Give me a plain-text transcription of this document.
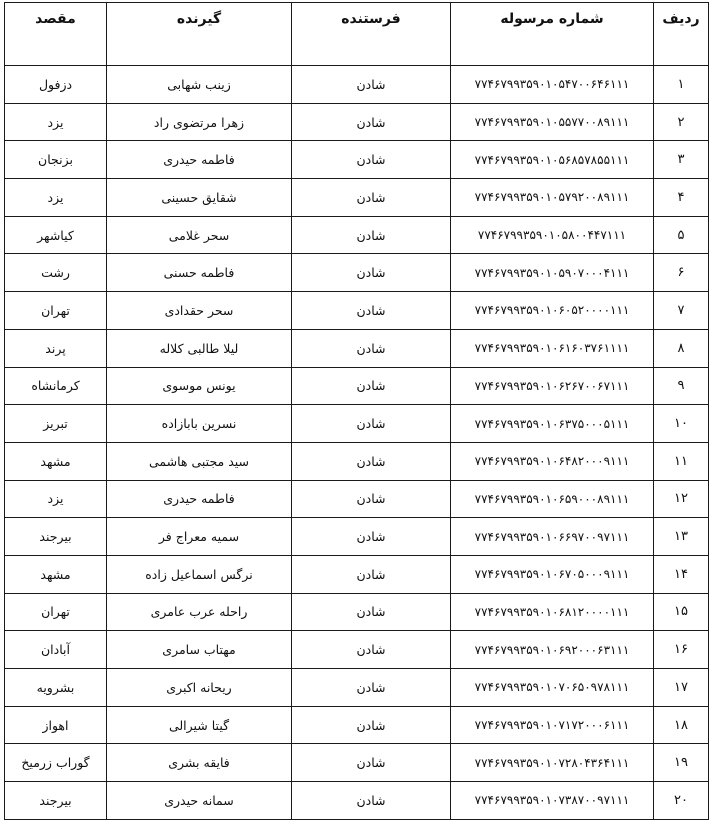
ردیف	شماره مرسوله	فرستنده	گیرنده	مقصد
۱	۷۷۴۶۷۹۹۳۵۹۰۱۰۵۴۷۰۰۶۴۶۱۱۱	شادن	زینب شهابی	دزفول
۲	۷۷۴۶۷۹۹۳۵۹۰۱۰۵۵۷۷۰۰۸۹۱۱۱	شادن	زهرا مرتضوی راد	یزد
۳	۷۷۴۶۷۹۹۳۵۹۰۱۰۵۶۸۵۷۸۵۵۱۱۱	شادن	فاطمه حیدری	بزنجان
۴	۷۷۴۶۷۹۹۳۵۹۰۱۰۵۷۹۲۰۰۸۹۱۱۱	شادن	شقایق حسینی	یزد
۵	۷۷۴۶۷۹۹۳۵۹۰۱۰۵۸۰۰۴۴۷۱۱۱	شادن	سحر غلامی	کیاشهر
۶	۷۷۴۶۷۹۹۳۵۹۰۱۰۵۹۰۷۰۰۰۴۱۱۱	شادن	فاطمه حسنی	رشت
۷	۷۷۴۶۷۹۹۳۵۹۰۱۰۶۰۵۲۰۰۰۰۱۱۱	شادن	سحر حقدادی	تهران
۸	۷۷۴۶۷۹۹۳۵۹۰۱۰۶۱۶۰۳۷۶۱۱۱۱	شادن	لیلا طالبی کلاله	پرند
۹	۷۷۴۶۷۹۹۳۵۹۰۱۰۶۲۶۷۰۰۶۷۱۱۱	شادن	یونس موسوی	کرمانشاه
۱۰	۷۷۴۶۷۹۹۳۵۹۰۱۰۶۳۷۵۰۰۰۵۱۱۱	شادن	نسرین بابازاده	تبریز
۱۱	۷۷۴۶۷۹۹۳۵۹۰۱۰۶۴۸۲۰۰۰۹۱۱۱	شادن	سید مجتبی هاشمی	مشهد
۱۲	۷۷۴۶۷۹۹۳۵۹۰۱۰۶۵۹۰۰۰۸۹۱۱۱	شادن	فاطمه حیدری	یزد
۱۳	۷۷۴۶۷۹۹۳۵۹۰۱۰۶۶۹۷۰۰۹۷۱۱۱	شادن	سمیه معراج فر	بیرجند
۱۴	۷۷۴۶۷۹۹۳۵۹۰۱۰۶۷۰۵۰۰۰۹۱۱۱	شادن	نرگس اسماعیل زاده	مشهد
۱۵	۷۷۴۶۷۹۹۳۵۹۰۱۰۶۸۱۲۰۰۰۰۱۱۱	شادن	راحله عرب عامری	تهران
۱۶	۷۷۴۶۷۹۹۳۵۹۰۱۰۶۹۲۰۰۰۶۳۱۱۱	شادن	مهتاب سامری	آبادان
۱۷	۷۷۴۶۷۹۹۳۵۹۰۱۰۷۰۶۵۰۹۷۸۱۱۱	شادن	ریحانه اکبری	بشرویه
۱۸	۷۷۴۶۷۹۹۳۵۹۰۱۰۷۱۷۲۰۰۰۶۱۱۱	شادن	گیتا شیرالی	اهواز
۱۹	۷۷۴۶۷۹۹۳۵۹۰۱۰۷۲۸۰۴۳۶۴۱۱۱	شادن	فایقه بشری	گوراب زرمیخ
۲۰	۷۷۴۶۷۹۹۳۵۹۰۱۰۷۳۸۷۰۰۹۷۱۱۱	شادن	سمانه حیدری	بیرجند
